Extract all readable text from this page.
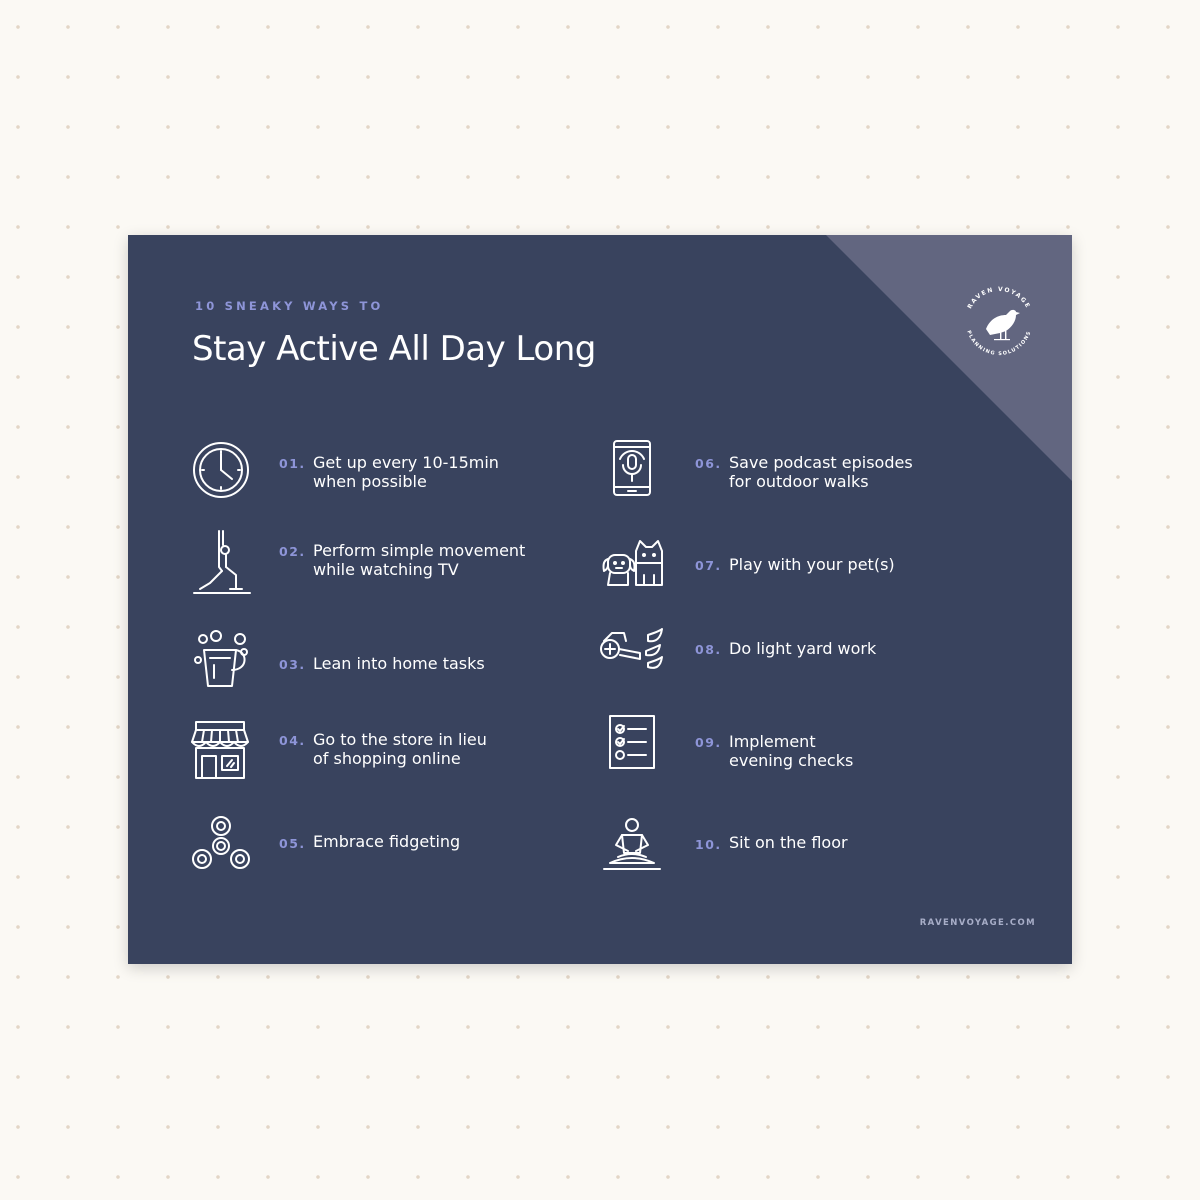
RAVEN VOYAGE
PLANNING SOLUTIONS
10 SNEAKY WAYS TO
Stay Active All Day Long
01. Get up every 10-15min
when possible
02. Perform simple movement
while watching TV
03. Lean into home tasks
04. Go to the store in lieu
of shopping online
05. Embrace fidgeting
06. Save podcast episodes
for outdoor walks
07. Play with your pet(s)
08. Do light yard work
09. Implement
evening checks
10. Sit on the floor
RAVENVOYAGE.COM
